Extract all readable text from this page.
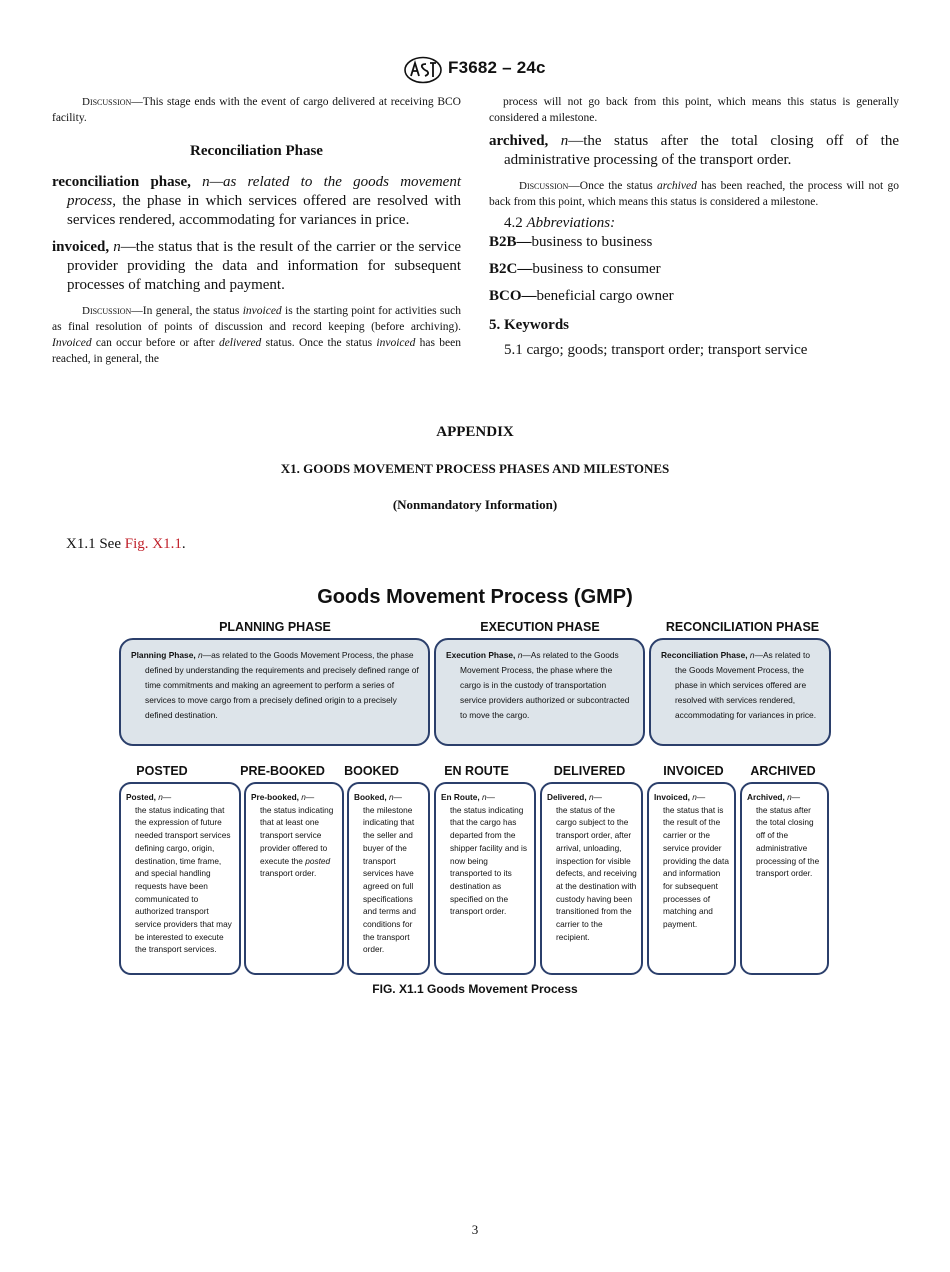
F3682 – 24c

Discussion—This stage ends with the event of cargo delivered at receiving BCO facility.

Reconciliation Phase

reconciliation phase, n—as related to the goods movement process, the phase in which services offered are resolved with services rendered, accommodating for variances in price.

invoiced, n—the status that is the result of the carrier or the service provider providing the data and information for subsequent processes of matching and payment.

Discussion—In general, the status invoiced is the starting point for activities such as final resolution of points of discussion and record keeping (before archiving). Invoiced can occur before or after delivered status. Once the status invoiced has been reached, in general, the

process will not go back from this point, which means this status is generally considered a milestone.

archived, n—the status after the total closing off of the administrative processing of the transport order.

Discussion—Once the status archived has been reached, the process will not go back from this point, which means this status is considered a milestone.

4.2 Abbreviations:

B2B—business to business

B2C—business to consumer

BCO—beneficial cargo owner

5. Keywords

5.1 cargo; goods; transport order; transport service

APPENDIX
X1. GOODS MOVEMENT PROCESS PHASES AND MILESTONES
(Nonmandatory Information)
X1.1 See Fig. X1.1.
Goods Movement Process (GMP)
PLANNING PHASE	EXECUTION PHASE	RECONCILIATION PHASE
Planning Phase, n—as related to the Goods Movement Process, the phase defined by understanding the requirements and precisely defined range of time commitments and making an agreement to perform a series of services to move cargo from a precisely defined origin to a precisely defined destination.
Execution Phase, n—As related to the Goods Movement Process, the phase where the cargo is in the custody of transportation service providers authorized or subcontracted to move the cargo.
Reconciliation Phase, n—As related to the Goods Movement Process, the phase in which services offered are resolved with services rendered, accommodating for variances in price.
POSTED	PRE-BOOKED	BOOKED	EN ROUTE	DELIVERED	INVOICED	ARCHIVED
Posted, n—
the status indicating that the expression of future needed transport services defining cargo, origin, destination, time frame, and special handling requests have been communicated to authorized transport service providers that may be interested to execute the transport services.
Pre-booked, n—
the status indicating that at least one transport service provider offered to execute the posted transport order.
Booked, n—
the milestone indicating that the seller and buyer of the transport services have agreed on full specifications and terms and conditions for the transport order.
En Route, n—
the status indicating that the cargo has departed from the shipper facility and is now being transported to its destination as specified on the transport order.
Delivered, n—
the status of the cargo subject to the transport order, after arrival, unloading, inspection for visible defects, and receiving at the destination with custody having been transitioned from the carrier to the recipient.
Invoiced, n—
the status that is the result of the carrier or the service provider providing the data and information for subsequent processes of matching and payment.
Archived, n—
the status after the total closing off of the administrative processing of the transport order.
FIG. X1.1 Goods Movement Process
3
